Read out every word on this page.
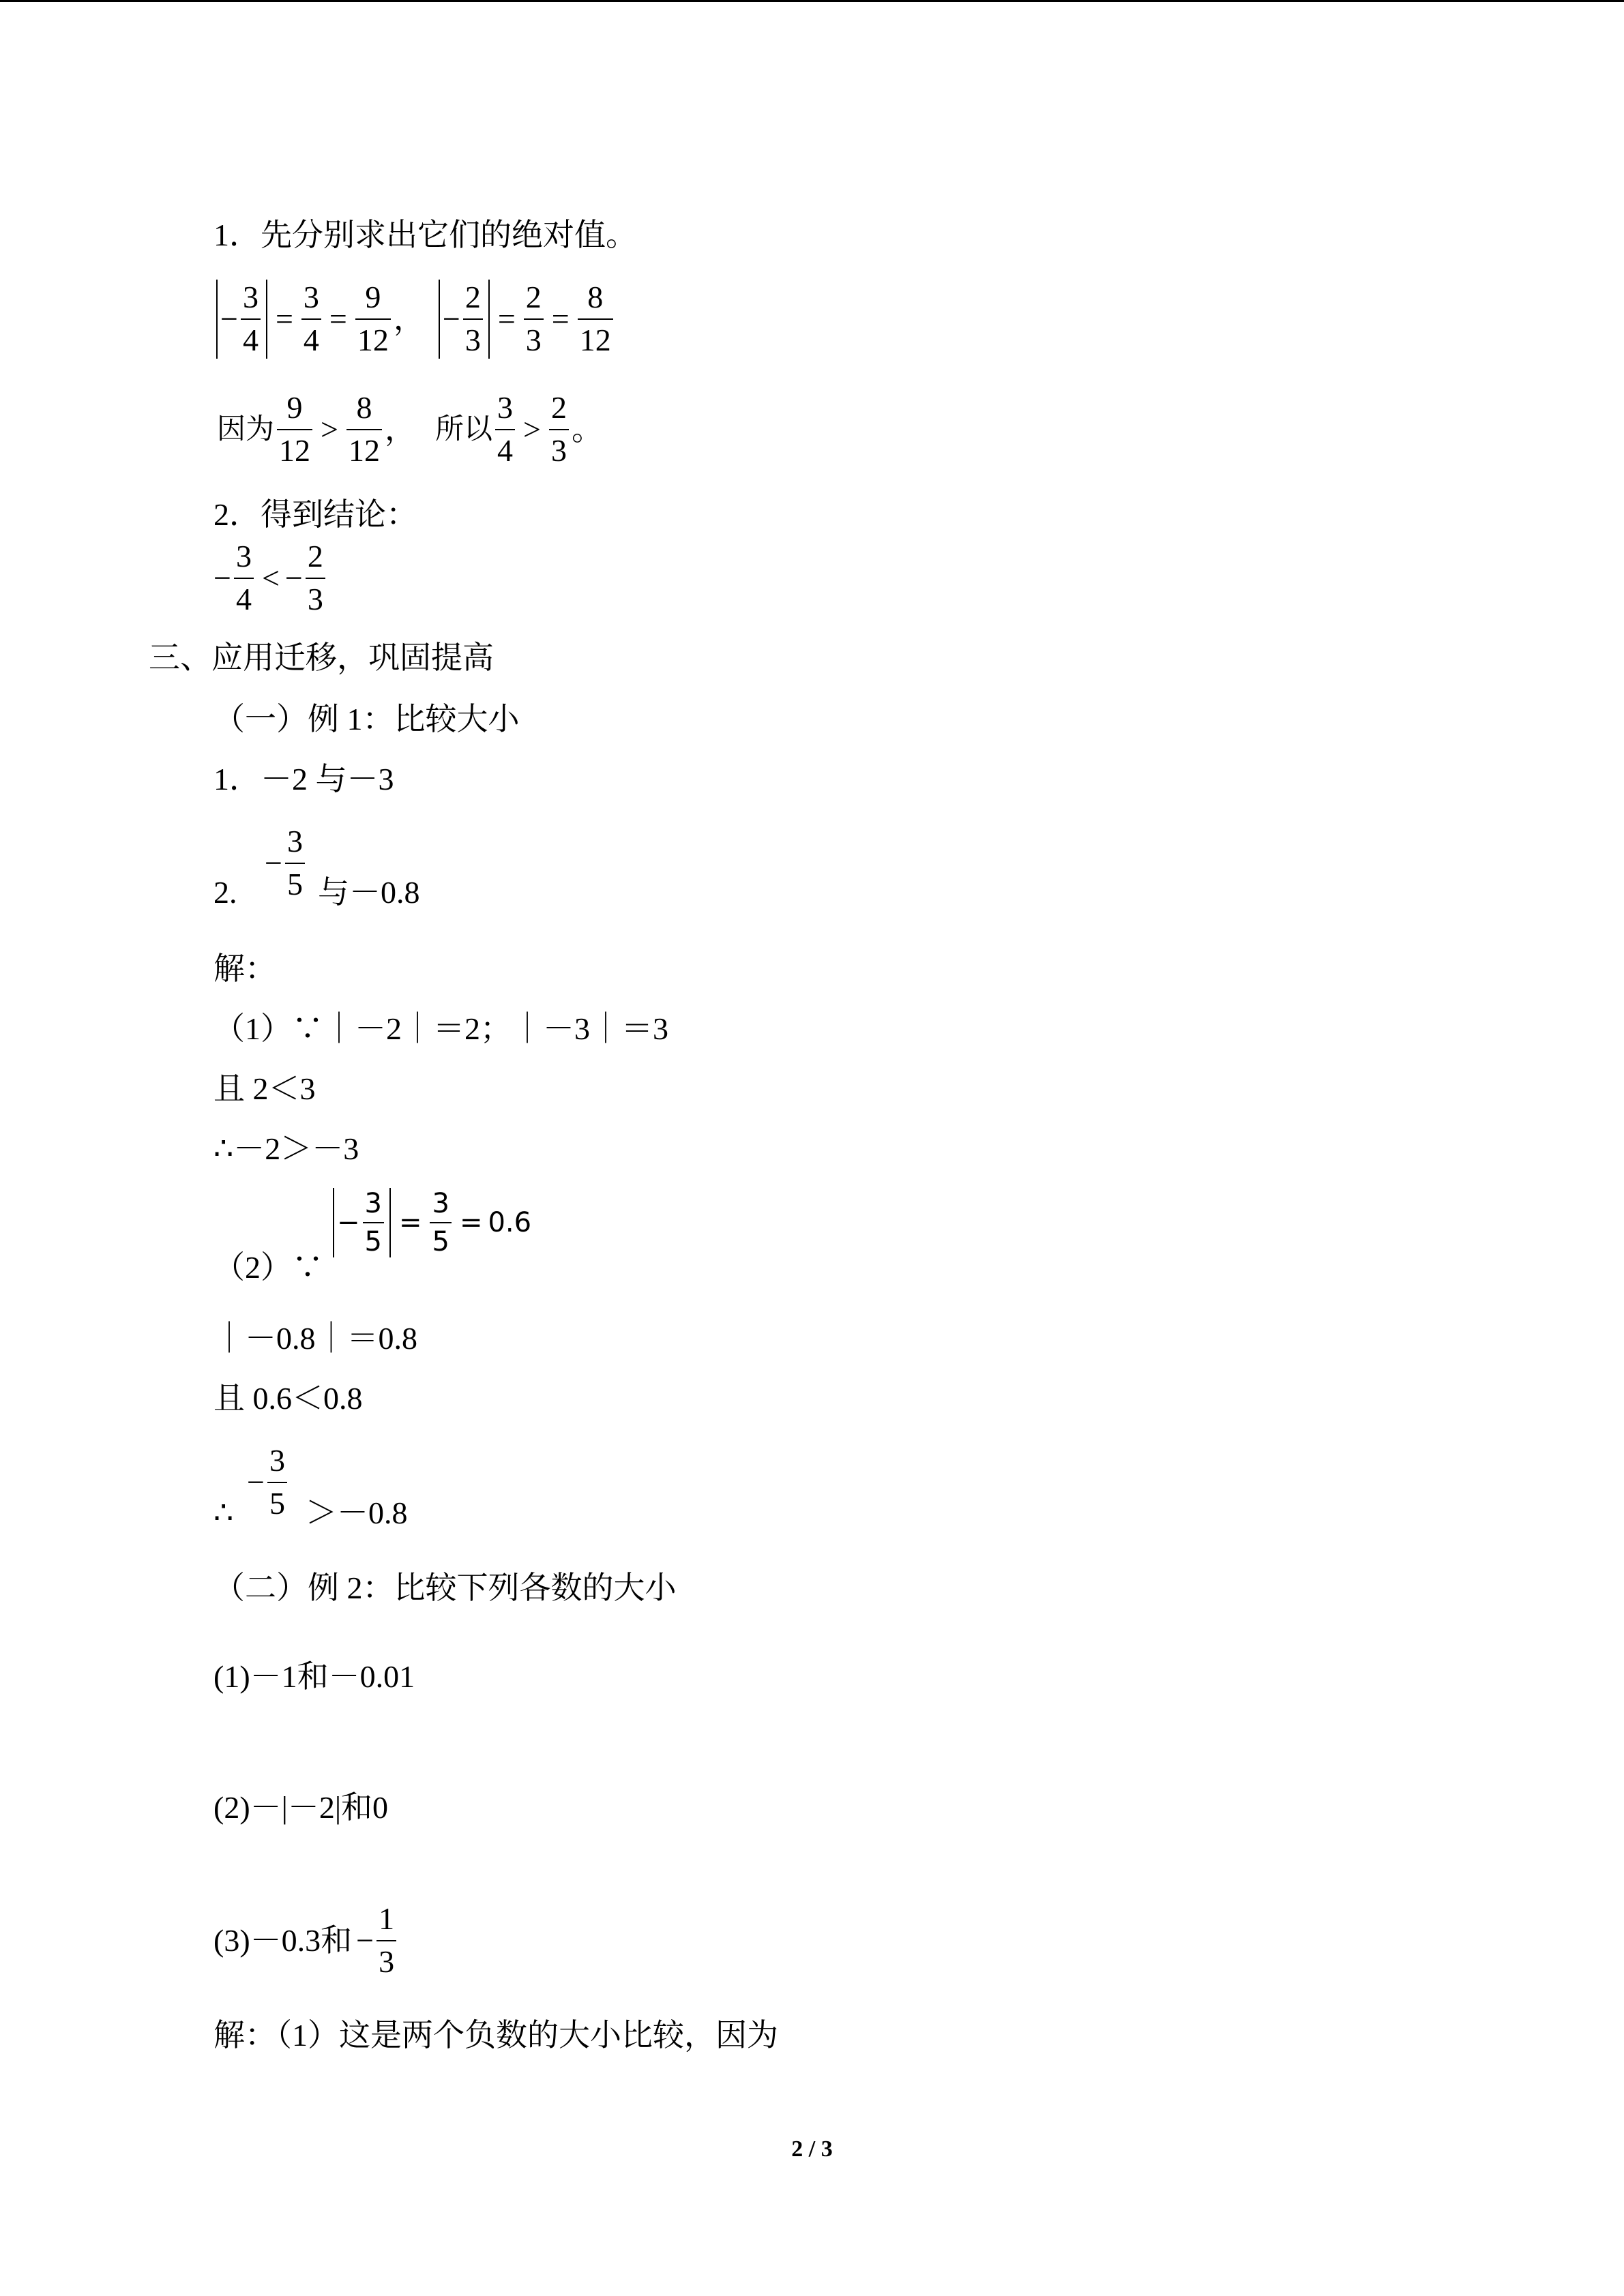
1．先分别求出它们的绝对值。
− $\frac{3}{4} = \frac{3}{4} = \frac{9}{12}$ ， − $\frac{2}{3} = \frac{2}{3} = \frac{8}{12}$
因为 $\frac{9}{12} > \frac{8}{12}$ ， 所以 $\frac{3}{4} > \frac{2}{3}$ 。
2．得到结论：
− $\frac{3}{4}$ < − $\frac{2}{3}$
三、应用迁移，巩固提高
（一）例 1：比较大小
1．－2 与－3
2.
− $\frac{3}{5}$ 与－0.8
解：
（1）∵｜－2｜＝2；｜－3｜＝3
且 2＜3
∴－2＞－3
（2）∵
− $\frac{3}{5} = \frac{3}{5} = 0.6$
｜－0.8｜＝0.8
且 0.6＜0.8
∴
− $\frac{3}{5} >-0.8$
（二）例 2：比较下列各数的大小
(1)－1和－0.01
(2)－|－2|和0
(3)－0.3和 − $\frac{1}{3}$
解：（1）这是两个负数的大小比较，因为
2 / 3
